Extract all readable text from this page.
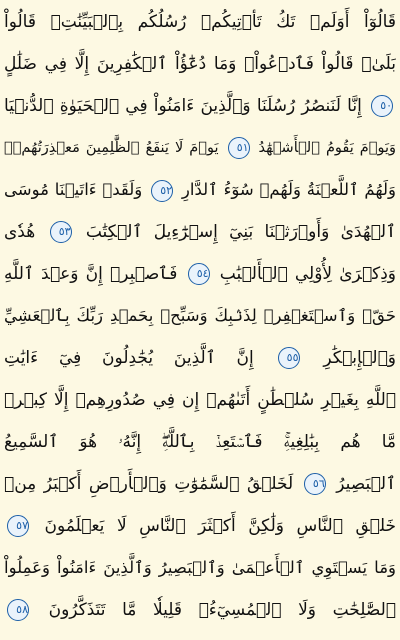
قَالُوٓاْ أَوَلَمۡ تَكُ تَأۡتِيكُمۡ رُسُلُكُم بِٱلۡبَيِّنَٰتِۖ قَالُواْ
بَلَىٰۚ قَالُواْ فَٱدۡعُواْۗ وَمَا دُعَٰٓؤُاْ ٱلۡكَٰفِرِينَ إِلَّا فِي ضَلَٰلٍ
٥٠ إِنَّا لَنَنصُرُ رُسُلَنَا وَٱلَّذِينَ ءَامَنُواْ فِي ٱلۡحَيَوٰةِ ٱلدُّنۡيَا
وَيَوۡمَ يَقُومُ ٱلۡأَشۡهَٰدُ ٥١ يَوۡمَ لَا يَنفَعُ ٱلظَّٰلِمِينَ مَعۡذِرَتُهُمۡۖ
وَلَهُمُ ٱللَّعۡنَةُ وَلَهُمۡ سُوٓءُ ٱلدَّارِ ٥٢ وَلَقَدۡ ءَاتَيۡنَا مُوسَى
ٱلۡهُدَىٰ وَأَوۡرَثۡنَا بَنِيٓ إِسۡرَٰٓءِيلَ ٱلۡكِتَٰبَ ٥٣ هُدٗى
وَذِكۡرَىٰ لِأُوْلِي ٱلۡأَلۡبَٰبِ ٥٤ فَٱصۡبِرۡ إِنَّ وَعۡدَ ٱللَّهِ
حَقّٞ وَٱسۡتَغۡفِرۡ لِذَنۢبِكَ وَسَبِّحۡ بِحَمۡدِ رَبِّكَ بِٱلۡعَشِيِّ
وَٱلۡإِبۡكَٰرِ ٥٥ إِنَّ ٱلَّذِينَ يُجَٰدِلُونَ فِيٓ ءَايَٰتِ
ٱللَّهِ بِغَيۡرِ سُلۡطَٰنٍ أَتَىٰهُمۡ إِن فِي صُدُورِهِمۡ إِلَّا كِبۡرٞ
مَّا هُم بِبَٰلِغِيهِۚ فَٱسۡتَعِذۡ بِٱللَّهِۖ إِنَّهُۥ هُوَ ٱلسَّمِيعُ
ٱلۡبَصِيرُ ٥٦ لَخَلۡقُ ٱلسَّمَٰوَٰتِ وَٱلۡأَرۡضِ أَكۡبَرُ مِنۡ
خَلۡقِ ٱلنَّاسِ وَلَٰكِنَّ أَكۡثَرَ ٱلنَّاسِ لَا يَعۡلَمُونَ ٥٧
وَمَا يَسۡتَوِي ٱلۡأَعۡمَىٰ وَٱلۡبَصِيرُ وَٱلَّذِينَ ءَامَنُواْ وَعَمِلُواْ
ٱلصَّٰلِحَٰتِ وَلَا ٱلۡمُسِيٓءُۚ قَلِيلٗا مَّا تَتَذَكَّرُونَ ٥٨
